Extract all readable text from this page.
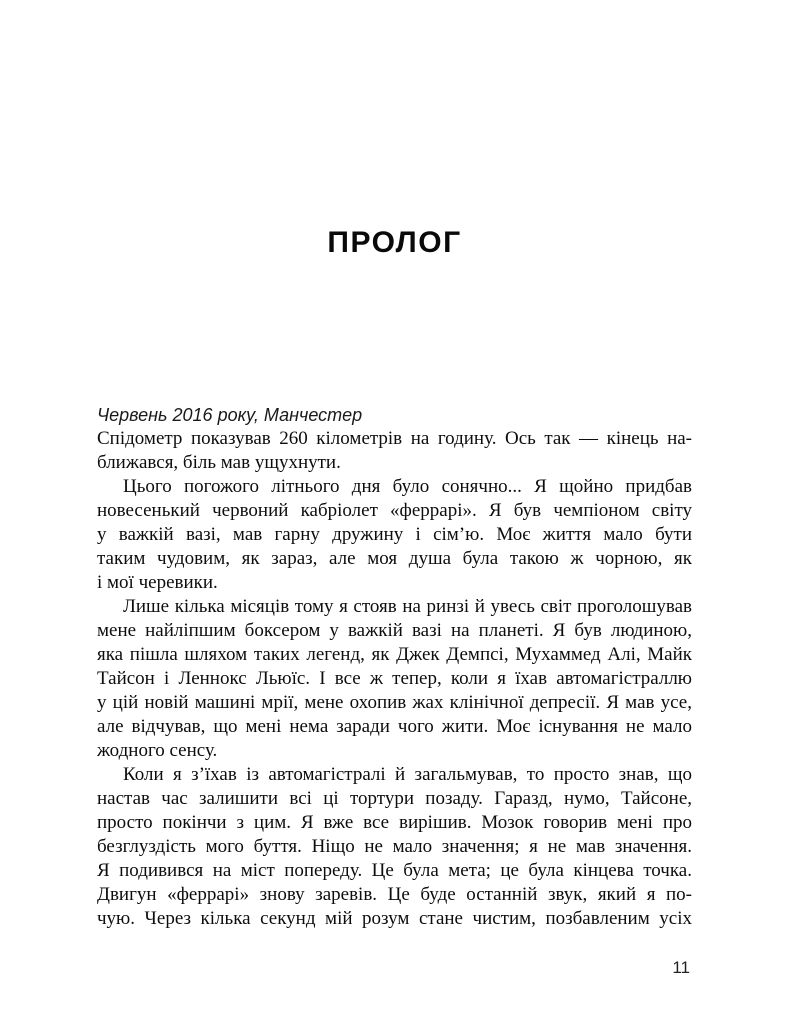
ПРОЛОГ

Червень 2016 року, Манчестер

Спідометр показував 260 кілометрів на годину. Ось так — кінець на-
ближався, біль мав ущухнути.
Цього погожого літнього дня було сонячно... Я щойно придбав
новесенький червоний кабріолет «феррарі». Я був чемпіоном світу
у важкій вазі, мав гарну дружину і сім’ю. Моє життя мало бути
таким чудовим, як зараз, але моя душа була такою ж чорною, як
і мої черевики.
Лише кілька місяців тому я стояв на ринзі й увесь світ проголошував
мене найліпшим боксером у важкій вазі на планеті. Я був людиною,
яка пішла шляхом таких легенд, як Джек Демпсі, Мухаммед Алі, Майк
Тайсон і Леннокс Льюїс. І все ж тепер, коли я їхав автомагістраллю
у цій новій машині мрії, мене охопив жах клінічної депресії. Я мав усе,
але відчував, що мені нема заради чого жити. Моє існування не мало
жодного сенсу.
Коли я з’їхав із автомагістралі й загальмував, то просто знав, що
настав час залишити всі ці тортури позаду. Гаразд, нумо, Тайсоне,
просто покінчи з цим. Я вже все вирішив. Мозок говорив мені про
безглуздість мого буття. Ніщо не мало значення; я не мав значення.
Я подивився на міст попереду. Це була мета; це була кінцева точка.
Двигун «феррарі» знову заревів. Це буде останній звук, який я по-
чую. Через кілька секунд мій розум стане чистим, позбавленим усіх
11
